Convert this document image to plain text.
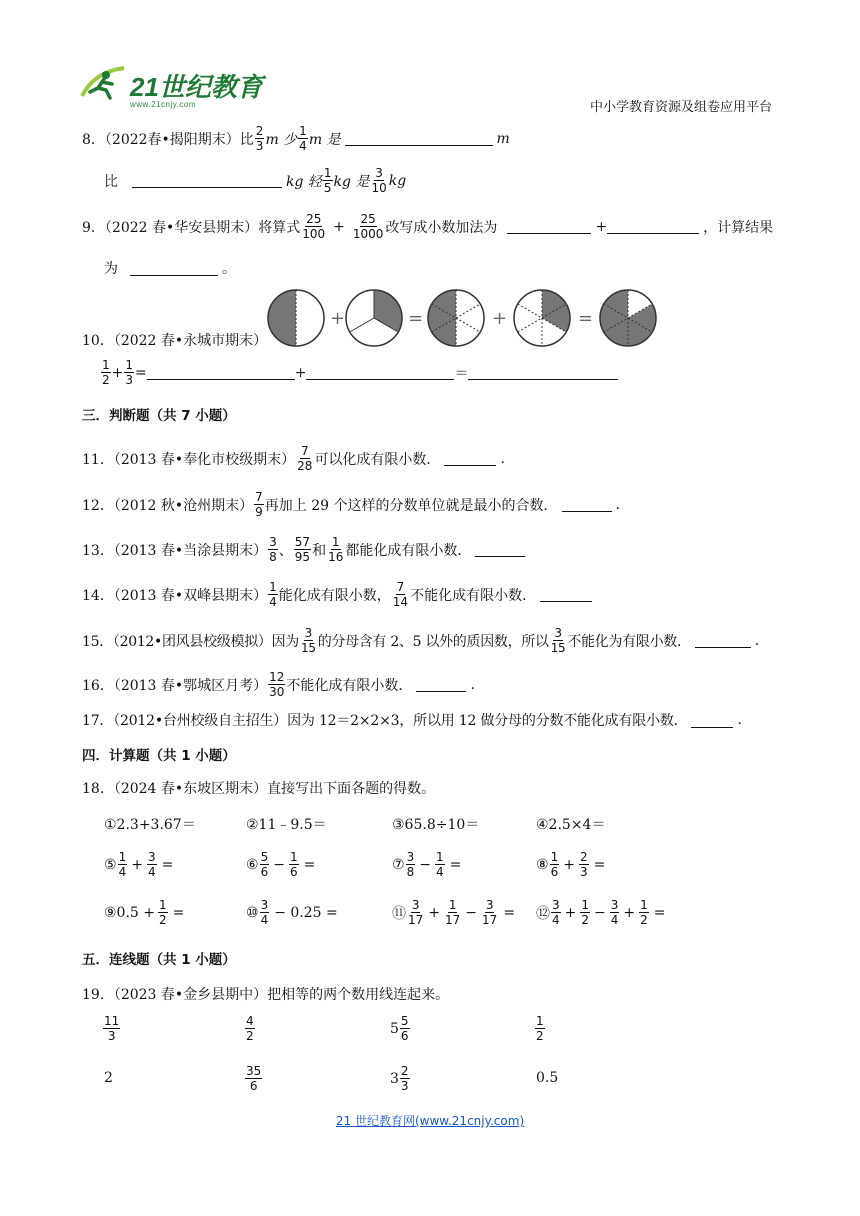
21世纪教育
www.21cnjy.com	中小学教育资源及组卷应用平台
8．（2022春•揭阳期末）比 $\frac{2}{3}$ m 少 $\frac{1}{4}$ m 是	m
比	kg 轻 $\frac{1}{5}$ kg 是 $\frac{3}{10}$ kg
9．（2022 春•华安县期末）将算式 $\frac{25}{100} + \frac{25}{1000}$ 改写成小数加法为	+	，计算结果
为	。
+	=	+	=
10．（2022 春•永城市期末）
$\frac{1}{2} + \frac{1}{3}$ =	+	＝
三．判断题（共 7 小题）
11．（2013 春•奉化市校级期末） $\frac{7}{28}$ 可以化成有限小数．	.
12．（2012 秋•沧州期末） $\frac{7}{9}$ 再加上 29 个这样的分数单位就是最小的合数．	.
13．（2013 春•当涂县期末） $\frac{3}{8}$ 、 $\frac{57}{95}$ 和 $\frac{1}{16}$ 都能化成有限小数．
14．（2013 春•双峰县期末） $\frac{1}{4}$ 能化成有限小数， $\frac{7}{14}$ 不能化成有限小数．
15．（2012•团风县校级模拟）因为 $\frac{3}{15}$ 的分母含有 2、5 以外的质因数，所以 $\frac{3}{15}$ 不能化为有限小数．	.
16．（2013 春•鄂城区月考） $\frac{12}{30}$ 不能化成有限小数．	.
17．（2012•台州校级自主招生）因为 12＝2×2×3，所以用 12 做分母的分数不能化成有限小数．	.
四．计算题（共 1 小题）
18．（2024 春•东坡区期末）直接写出下面各题的得数。
①2.3+3.67＝	②11﹣9.5＝	③65.8÷10＝	④2.5×4＝
⑤ $\frac{1}{4} + \frac{3}{4}$ =	⑥ $\frac{5}{6} - \frac{1}{6}$ =	⑦ $\frac{3}{8} - \frac{1}{4}$ =	⑧ $\frac{1}{6} + \frac{2}{3}$ =
⑨0.5 + $\frac{1}{2}$ =	⑩ $\frac{3}{4} - 0.25$ =	⑪ $\frac{3}{17} + \frac{1}{17} - \frac{3}{17}$ = ⑫ $\frac{3}{4} + \frac{1}{2} - \frac{3}{4} + \frac{1}{2}$ =
五．连线题（共 1 小题）
19．（2023 春•金乡县期中）把相等的两个数用线连起来。
$\frac{11}{3}$	$\frac{4}{2}$	$5 \frac{5}{6}$	$\frac{1}{2}$
2	$\frac{35}{6}$	$3 \frac{2}{3}$	0.5
21 世纪教育网(www.21cnjy.com)
